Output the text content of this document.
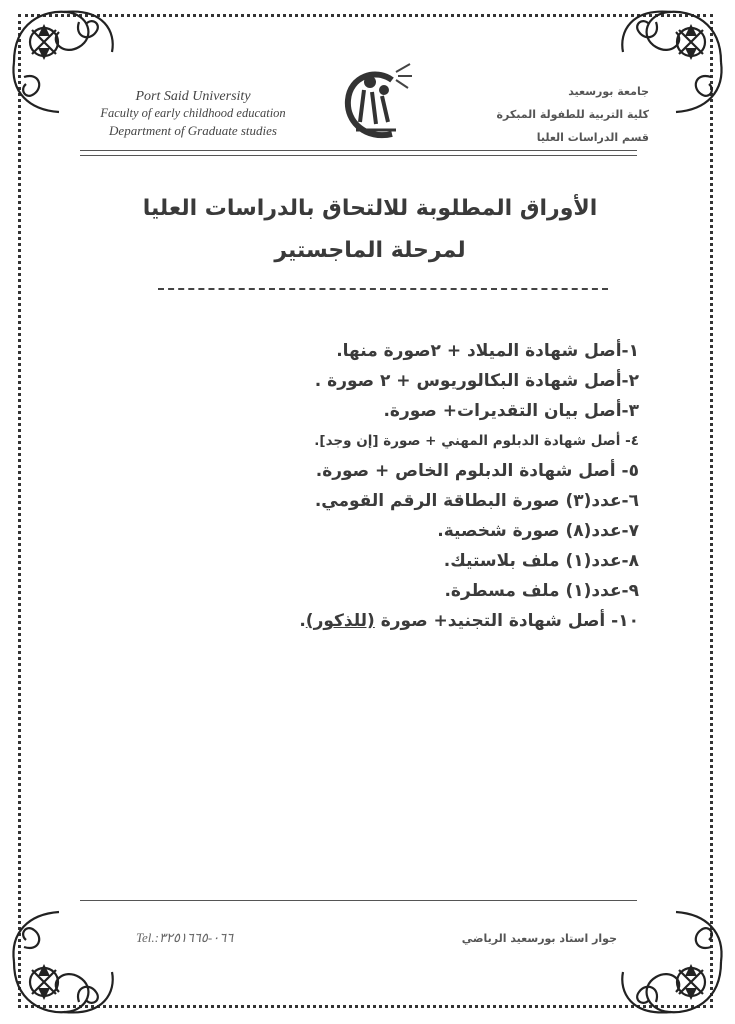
Port Said University
Faculty of early childhood education
Department of Graduate studies
جامعة بورسعيد
كلية التربية للطفولة المبكرة
قسم الدراسات العليا
الأوراق المطلوبة للالتحاق بالدراسات العليا
لمرحلة الماجستير
١-أصل شهادة الميلاد + ٢صورة منها.
٢-أصل شهادة البكالوريوس + ٢ صورة .
٣-أصل بيان التقديرات+ صورة.
٤- أصل شهادة الدبلوم المهني + صورة [إن وجد].
٥- أصل شهادة الدبلوم الخاص + صورة.
٦-عدد(٣) صورة البطاقة الرقم القومي.
٧-عدد(٨) صورة شخصية.
٨-عدد(١) ملف بلاستيك.
٩-عدد(١) ملف مسطرة.
١٠- أصل شهادة التجنيد+ صورة (للذكور).
Tel.:٠٦٦-٣٢٥١٦٦٥	جوار استاد بورسعيد الرياضي
